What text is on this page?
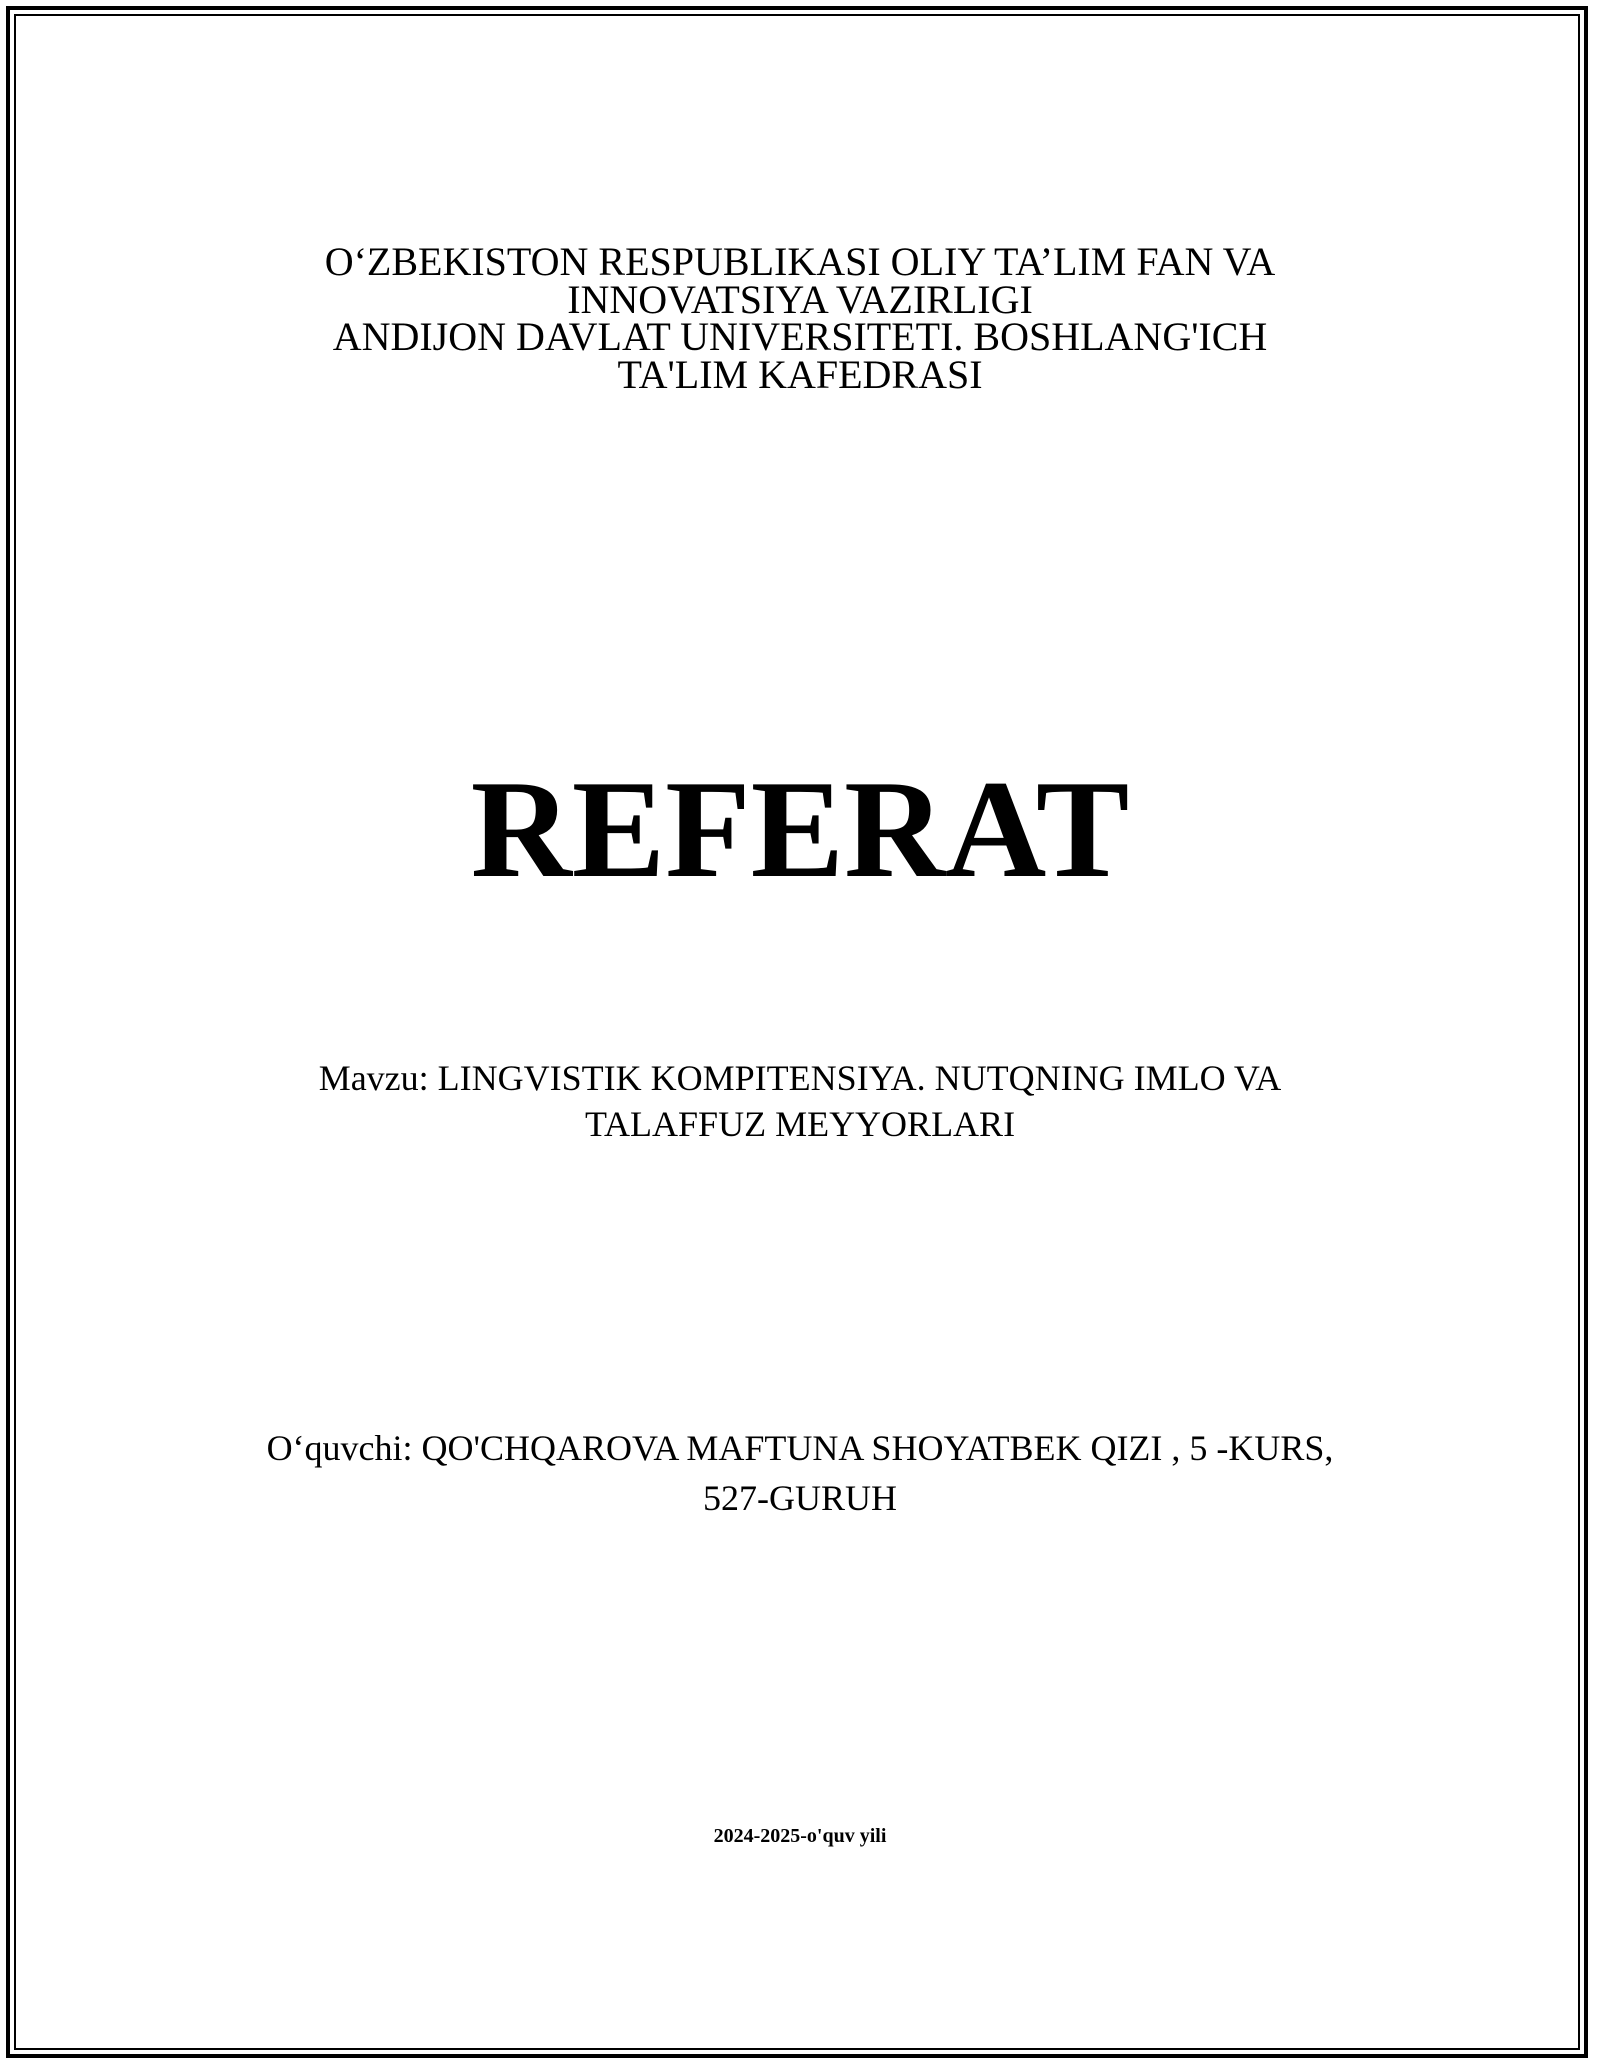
O‘ZBEKISTON RESPUBLIKASI OLIY TA’LIM FAN VA
INNOVATSIYA VAZIRLIGI
ANDIJON DAVLAT UNIVERSITETI. BOSHLANG'ICH
TA'LIM KAFEDRASI
REFERAT
Mavzu: LINGVISTIK KOMPITENSIYA. NUTQNING IMLO VA
TALAFFUZ MEYYORLARI
O‘quvchi: QO'CHQAROVA MAFTUNA SHOYATBEK QIZI , 5 -KURS,
527-GURUH
2024-2025-o'quv yili
